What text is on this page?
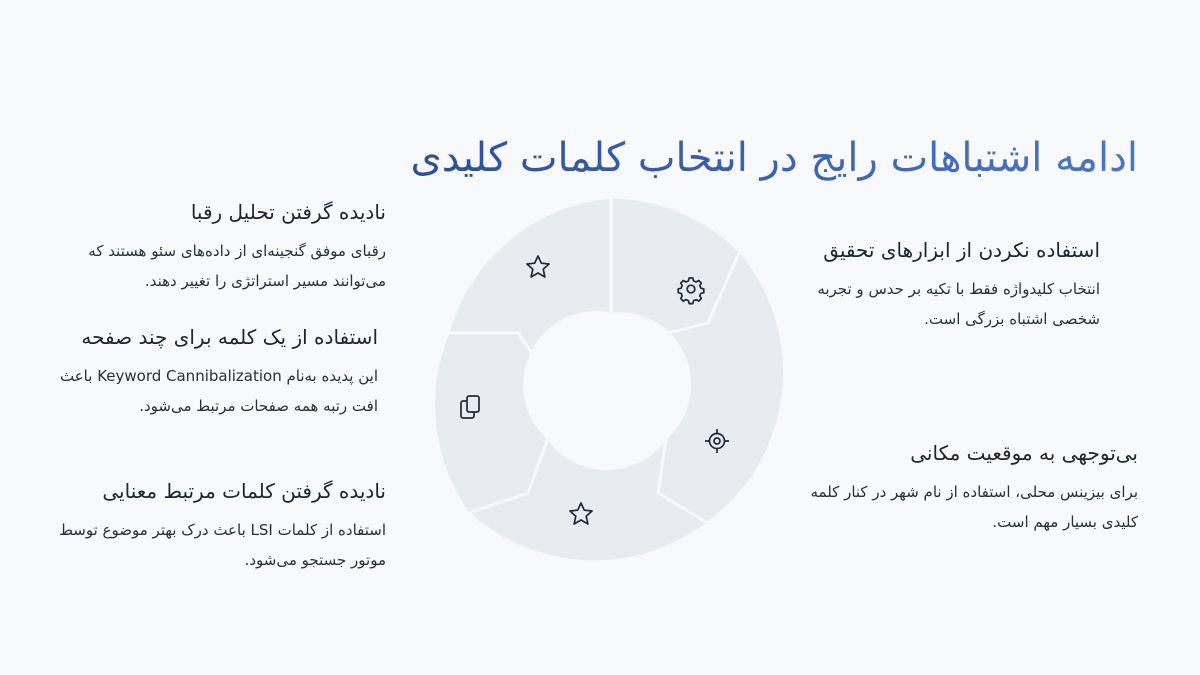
ادامه اشتباهات رایج در انتخاب کلمات کلیدی
استفاده نکردن از ابزارهای تحقیق

انتخاب کلیدواژه فقط با تکیه بر حدس و تجربه شخصی اشتباه بزرگی است.

بی‌توجهی به موقعیت مکانی

برای بیزینس محلی، استفاده از نام شهر در کنار کلمه کلیدی بسیار مهم است.

نادیده گرفتن تحلیل رقبا

رقبای موفق گنجینه‌ای از داده‌های سئو هستند که می‌توانند مسیر استراتژی را تغییر دهند.

استفاده از یک کلمه برای چند صفحه

این پدیده به‌نام Keyword Cannibalization باعث افت رتبه همه صفحات مرتبط می‌شود.

نادیده گرفتن کلمات مرتبط معنایی

استفاده از کلمات LSI باعث درک بهتر موضوع توسط موتور جستجو می‌شود.
